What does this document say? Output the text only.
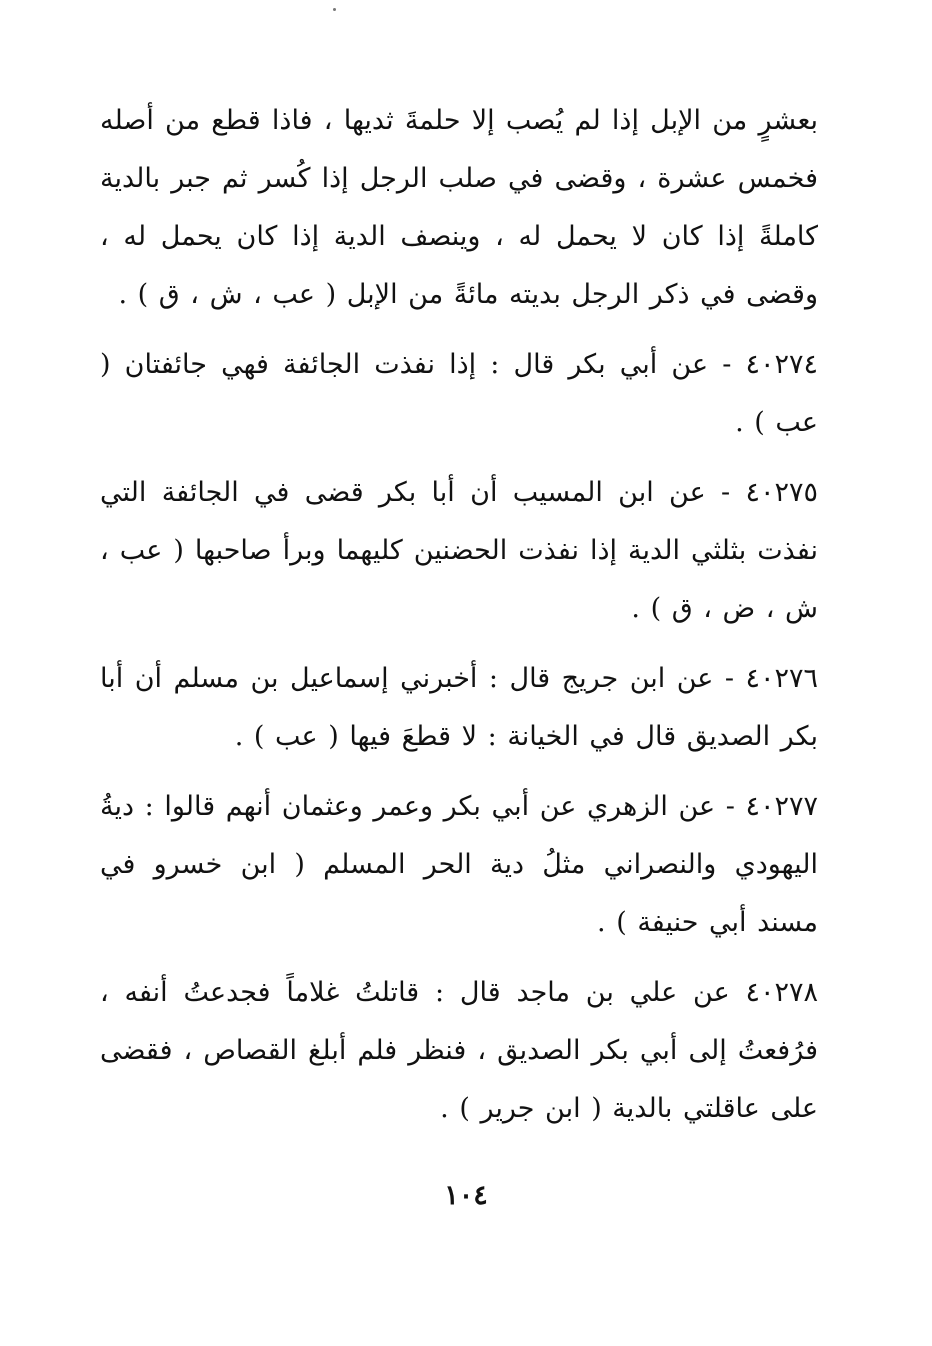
بعشرٍ من الإبل إذا لم يُصب إلا حلمةَ ثديها ، فاذا قطع من أصله فخمس عشرة ، وقضى في صلب الرجل إذا كُسر ثم جبر بالدية كاملةً إذا كان لا يحمل له ، وينصف الدية إذا كان يحمل له ، وقضى في ذكر الرجل بديته مائةً من الإبل ( عب ، ش ، ق ) .

٤٠٢٧٤ - عن أبي بكر قال : إذا نفذت الجائفة فهي جائفتان ( عب ) .

٤٠٢٧٥ - عن ابن المسيب أن أبا بكر قضى في الجائفة التي نفذت بثلثي الدية إذا نفذت الحضنين كليهما وبرأ صاحبها ( عب ، ش ، ض ، ق ) .

٤٠٢٧٦ - عن ابن جريج قال : أخبرني إسماعيل بن مسلم أن أبا بكر الصديق قال في الخيانة : لا قطعَ فيها ( عب ) .

٤٠٢٧٧ - عن الزهري عن أبي بكر وعمر وعثمان أنهم قالوا : ديةُ اليهودي والنصراني مثلُ دية الحر المسلم ( ابن خسرو في مسند أبي حنيفة ) .

٤٠٢٧٨ عن علي بن ماجد قال : قاتلتُ غلاماً فجدعتُ أنفه ، فرُفعتُ إلى أبي بكر الصديق ، فنظر فلم أبلغ القصاص ، فقضى على عاقلتي بالدية ( ابن جرير ) .

١٠٤
